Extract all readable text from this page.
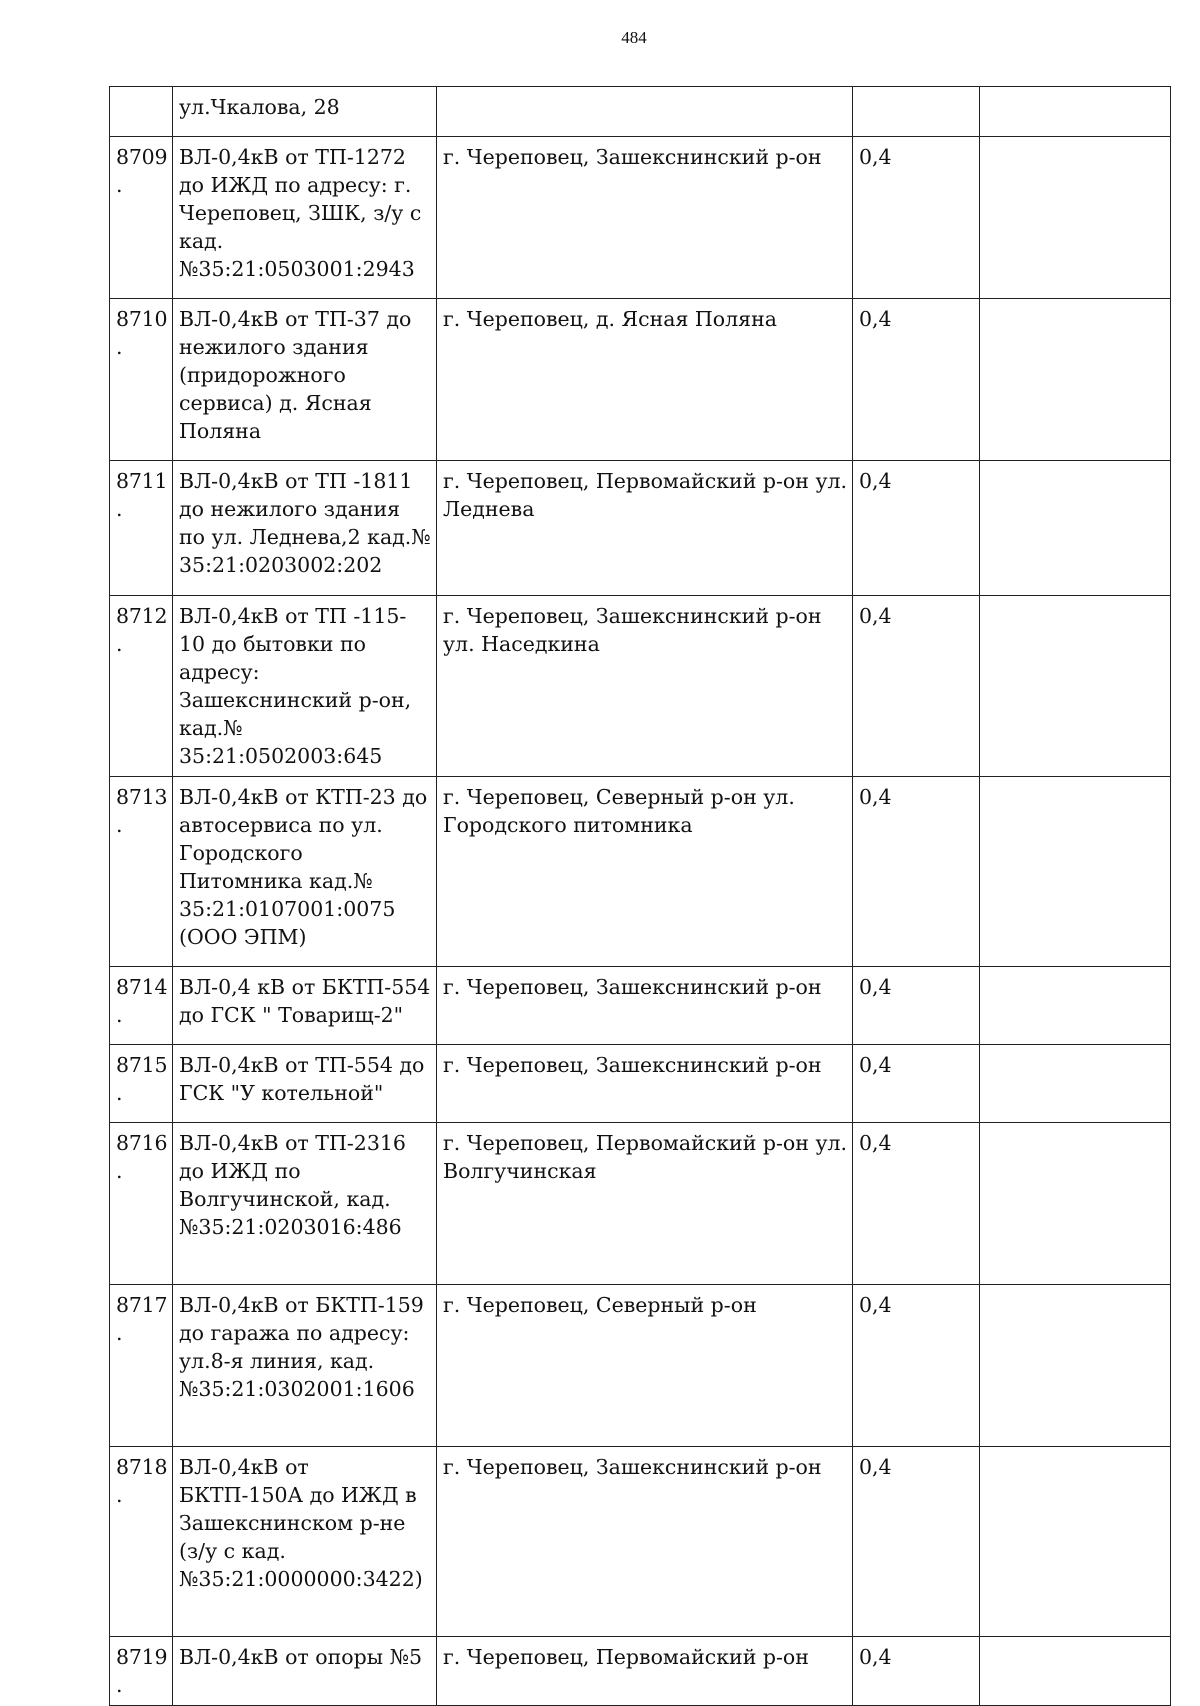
484
	ул.Чкалова, 28			
8709.	ВЛ-0,4кВ от ТП-1272 до ИЖД по адресу: г. Череповец, ЗШК, з/у с кад.№35:21:0503001:2943	г. Череповец, Зашекснинский р-он	0,4	
8710.	ВЛ-0,4кВ от ТП-37 до нежилого здания (придорожного сервиса) д. Ясная Поляна	г. Череповец, д. Ясная Поляна	0,4	
8711.	ВЛ-0,4кВ от ТП -1811 до нежилого здания по ул. Леднева,2 кад.№ 35:21:0203002:202	г. Череповец, Первомайский р-он ул. Леднева	0,4	
8712.	ВЛ-0,4кВ от ТП -115-10 до бытовки по адресу: Зашекснинский р-он, кад.№ 35:21:0502003:645	г. Череповец, Зашекснинский р-он ул. Наседкина	0,4	
8713.	ВЛ-0,4кВ от КТП-23 до автосервиса по ул. Городского Питомника кад.№ 35:21:0107001:0075 (ООО ЭПМ)	г. Череповец, Северный р-он ул. Городского питомника	0,4	
8714.	ВЛ-0,4 кВ от БКТП-554 до ГСК " Товарищ-2"	г. Череповец, Зашекснинский р-он	0,4	
8715.	ВЛ-0,4кВ от ТП-554 до ГСК "У котельной"	г. Череповец, Зашекснинский р-он	0,4	
8716.	ВЛ-0,4кВ от ТП-2316 до ИЖД по Волгучинской, кад.№35:21:0203016:486	г. Череповец, Первомайский р-он ул. Волгучинская	0,4	
8717.	ВЛ-0,4кВ от БКТП-159 до гаража по адресу: ул.8-я линия, кад.№35:21:0302001:1606	г. Череповец, Северный р-он	0,4	
8718.	ВЛ-0,4кВ от БКТП-150А до ИЖД в Зашекснинском р-не (з/у с кад.№35:21:0000000:3422)	г. Череповец, Зашекснинский р-он	0,4	
8719.	ВЛ-0,4кВ от опоры №5	г. Череповец, Первомайский р-он	0,4	
